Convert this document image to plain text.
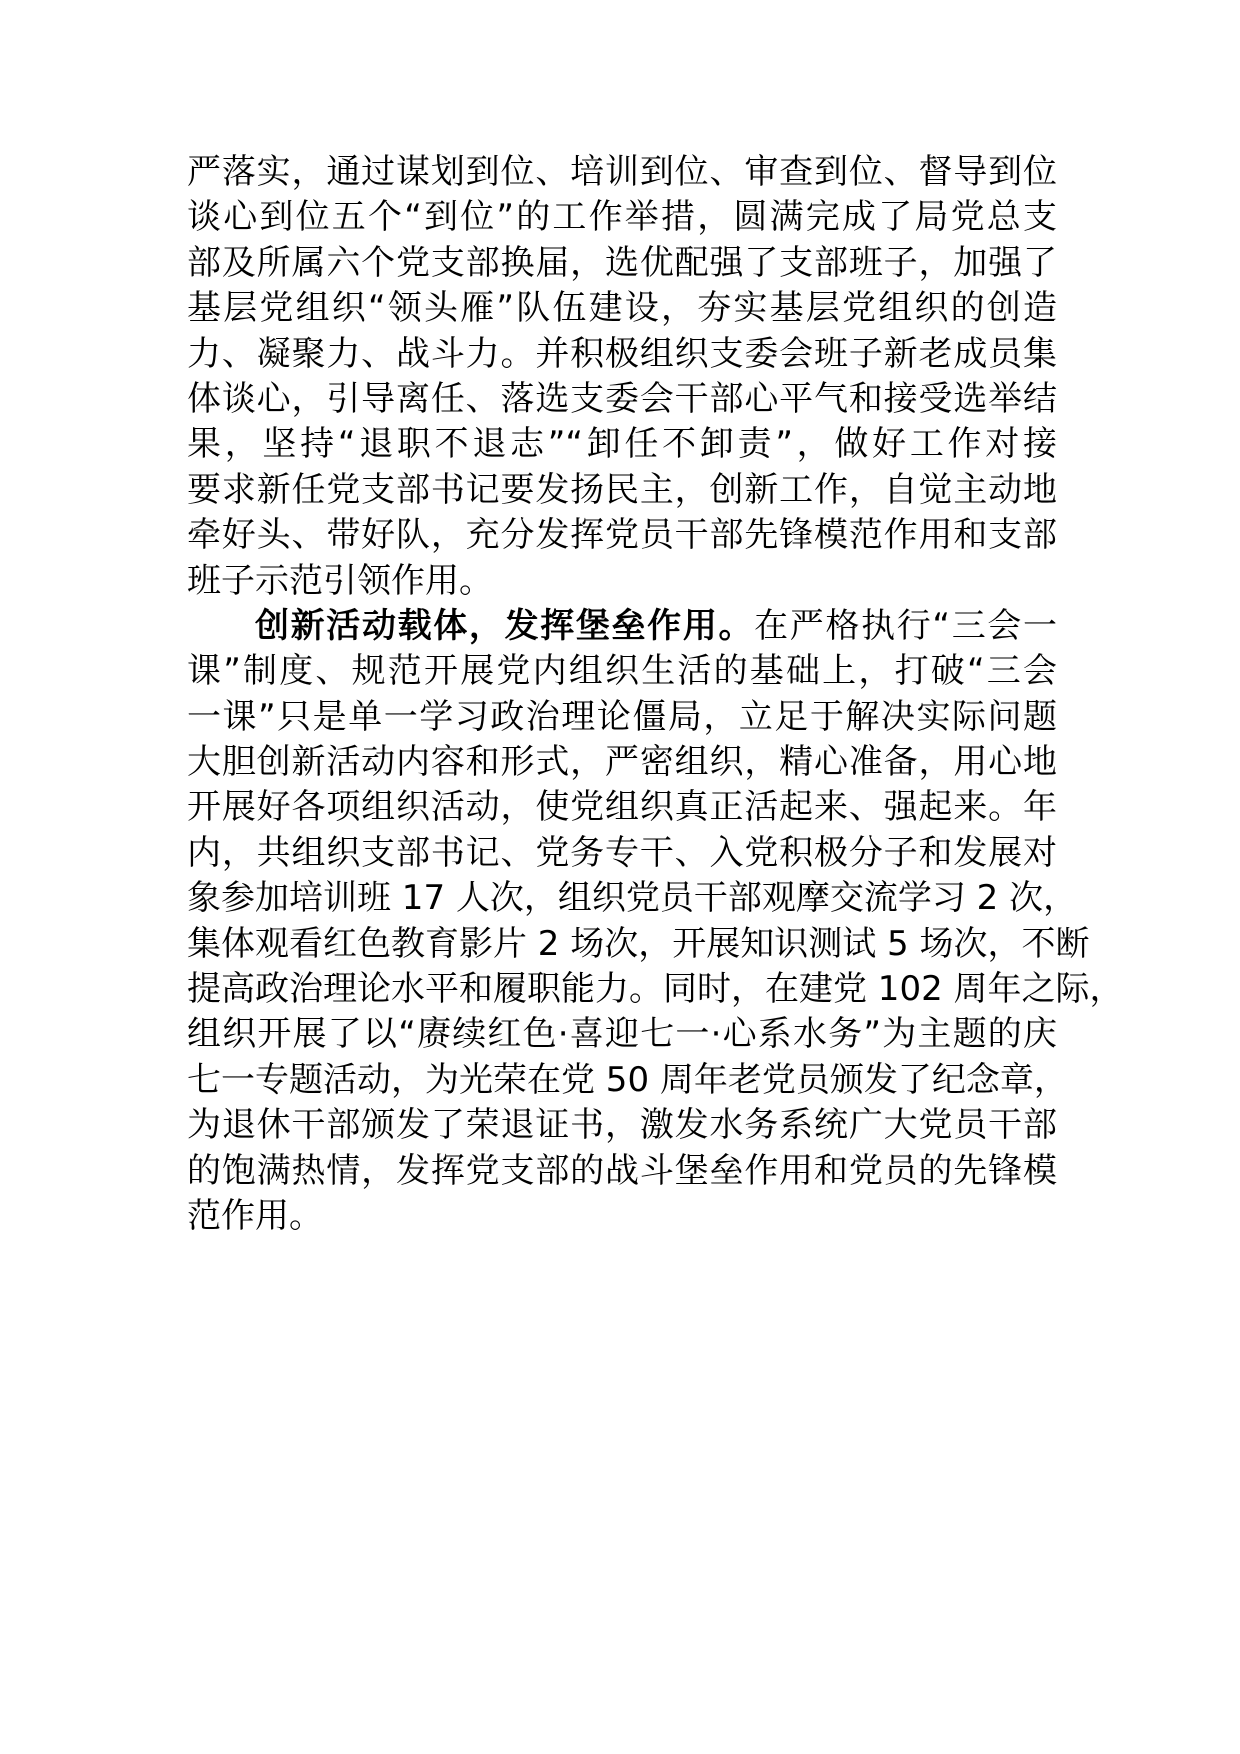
严落实，通过谋划到位、培训到位、审查到位、督导到位
谈心到位五个“到位”的工作举措，圆满完成了局党总支
部及所属六个党支部换届，选优配强了支部班子，加强了
基层党组织“领头雁”队伍建设，夯实基层党组织的创造
力、凝聚力、战斗力。并积极组织支委会班子新老成员集
体谈心，引导离任、落选支委会干部心平气和接受选举结
果，坚持“退职不退志”“卸任不卸责”，做好工作对接
要求新任党支部书记要发扬民主，创新工作，自觉主动地
牵好头、带好队，充分发挥党员干部先锋模范作用和支部
班子示范引领作用。
创新活动载体，发挥堡垒作用。在严格执行“三会一
课”制度、规范开展党内组织生活的基础上，打破“三会
一课”只是单一学习政治理论僵局，立足于解决实际问题
大胆创新活动内容和形式，严密组织，精心准备，用心地
开展好各项组织活动，使党组织真正活起来、强起来。年
内，共组织支部书记、党务专干、入党积极分子和发展对
象参加培训班 17 人次，组织党员干部观摩交流学习 2 次，
集体观看红色教育影片 2 场次，开展知识测试 5 场次，不断
提高政治理论水平和履职能力。同时，在建党 102 周年之际，
组织开展了以“赓续红色·喜迎七一·心系水务”为主题的庆
七一专题活动，为光荣在党 50 周年老党员颁发了纪念章，
为退休干部颁发了荣退证书，激发水务系统广大党员干部
的饱满热情，发挥党支部的战斗堡垒作用和党员的先锋模
范作用。
